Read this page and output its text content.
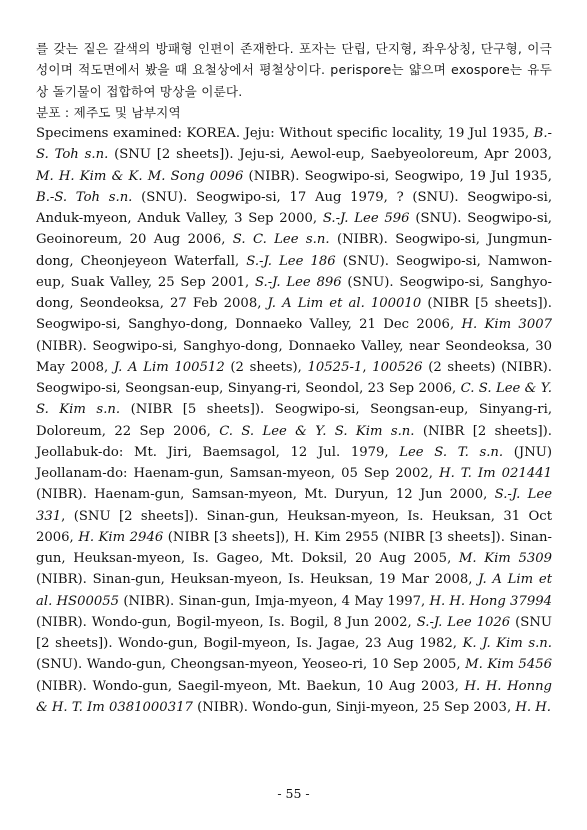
를 갖는 짙은 갈색의 방패형 인편이 존재한다. 포자는 단립, 단지형, 좌우상칭, 단구형, 이극성이며 적도면에서 봤을 때 요철상에서 평철상이다. perispore는 얇으며 exospore는 유두상 돌기물이 접합하여 망상을 이룬다.

분포 : 제주도 및 남부지역

Specimens examined: KOREA. Jeju: Without specific locality, 19 Jul 1935, B.-S. Toh s.n. (SNU [2 sheets]). Jeju-si, Aewol-eup, Saebyeoloreum, Apr 2003, M. H. Kim & K. M. Song 0096 (NIBR). Seogwipo-si, Seogwipo, 19 Jul 1935, B.-S. Toh s.n. (SNU). Seogwipo-si, 17 Aug 1979, ? (SNU). Seogwipo-si, Anduk-myeon, Anduk Valley, 3 Sep 2000, S.-J. Lee 596 (SNU). Seogwipo-si, Geoinoreum, 20 Aug 2006, S. C. Lee s.n. (NIBR). Seogwipo-si, Jungmun-dong, Cheonjeyeon Waterfall, S.-J. Lee 186 (SNU). Seogwipo-si, Namwon-eup, Suak Valley, 25 Sep 2001, S.-J. Lee 896 (SNU). Seogwipo-si, Sanghyo-dong, Seondeoksa, 27 Feb 2008, J. A Lim et al. 100010 (NIBR [5 sheets]). Seogwipo-si, Sanghyo-dong, Donnaeko Valley, 21 Dec 2006, H. Kim 3007 (NIBR). Seogwipo-si, Sanghyo-dong, Donnaeko Valley, near Seondeoksa, 30 May 2008, J. A Lim 100512 (2 sheets), 10525-1, 100526 (2 sheets) (NIBR). Seogwipo-si, Seongsan-eup, Sinyang-ri, Seondol, 23 Sep 2006, C. S. Lee & Y. S. Kim s.n. (NIBR [5 sheets]). Seogwipo-si, Seongsan-eup, Sinyang-ri, Doloreum, 22 Sep 2006, C. S. Lee & Y. S. Kim s.n. (NIBR [2 sheets]). Jeollabuk-do: Mt. Jiri, Baemsagol, 12 Jul. 1979, Lee S. T. s.n. (JNU) Jeollanam-do: Haenam-gun, Samsan-myeon, 05 Sep 2002, H. T. Im 021441 (NIBR). Haenam-gun, Samsan-myeon, Mt. Duryun, 12 Jun 2000, S.-J. Lee 331, (SNU [2 sheets]). Sinan-gun, Heuksan-myeon, Is. Heuksan, 31 Oct 2006, H. Kim 2946 (NIBR [3 sheets]), H. Kim 2955 (NIBR [3 sheets]). Sinan-gun, Heuksan-myeon, Is. Gageo, Mt. Doksil, 20 Aug 2005, M. Kim 5309 (NIBR). Sinan-gun, Heuksan-myeon, Is. Heuksan, 19 Mar 2008, J. A Lim et al. HS00055 (NIBR). Sinan-gun, Imja-myeon, 4 May 1997, H. H. Hong 37994 (NIBR). Wondo-gun, Bogil-myeon, Is. Bogil, 8 Jun 2002, S.-J. Lee 1026 (SNU [2 sheets]). Wondo-gun, Bogil-myeon, Is. Jagae, 23 Aug 1982, K. J. Kim s.n. (SNU). Wando-gun, Cheongsan-myeon, Yeoseo-ri, 10 Sep 2005, M. Kim 5456 (NIBR). Wondo-gun, Saegil-myeon, Mt. Baekun, 10 Aug 2003, H. H. Honng & H. T. Im 0381000317 (NIBR). Wondo-gun, Sinji-myeon, 25 Sep 2003, H. H.

- 55 -
